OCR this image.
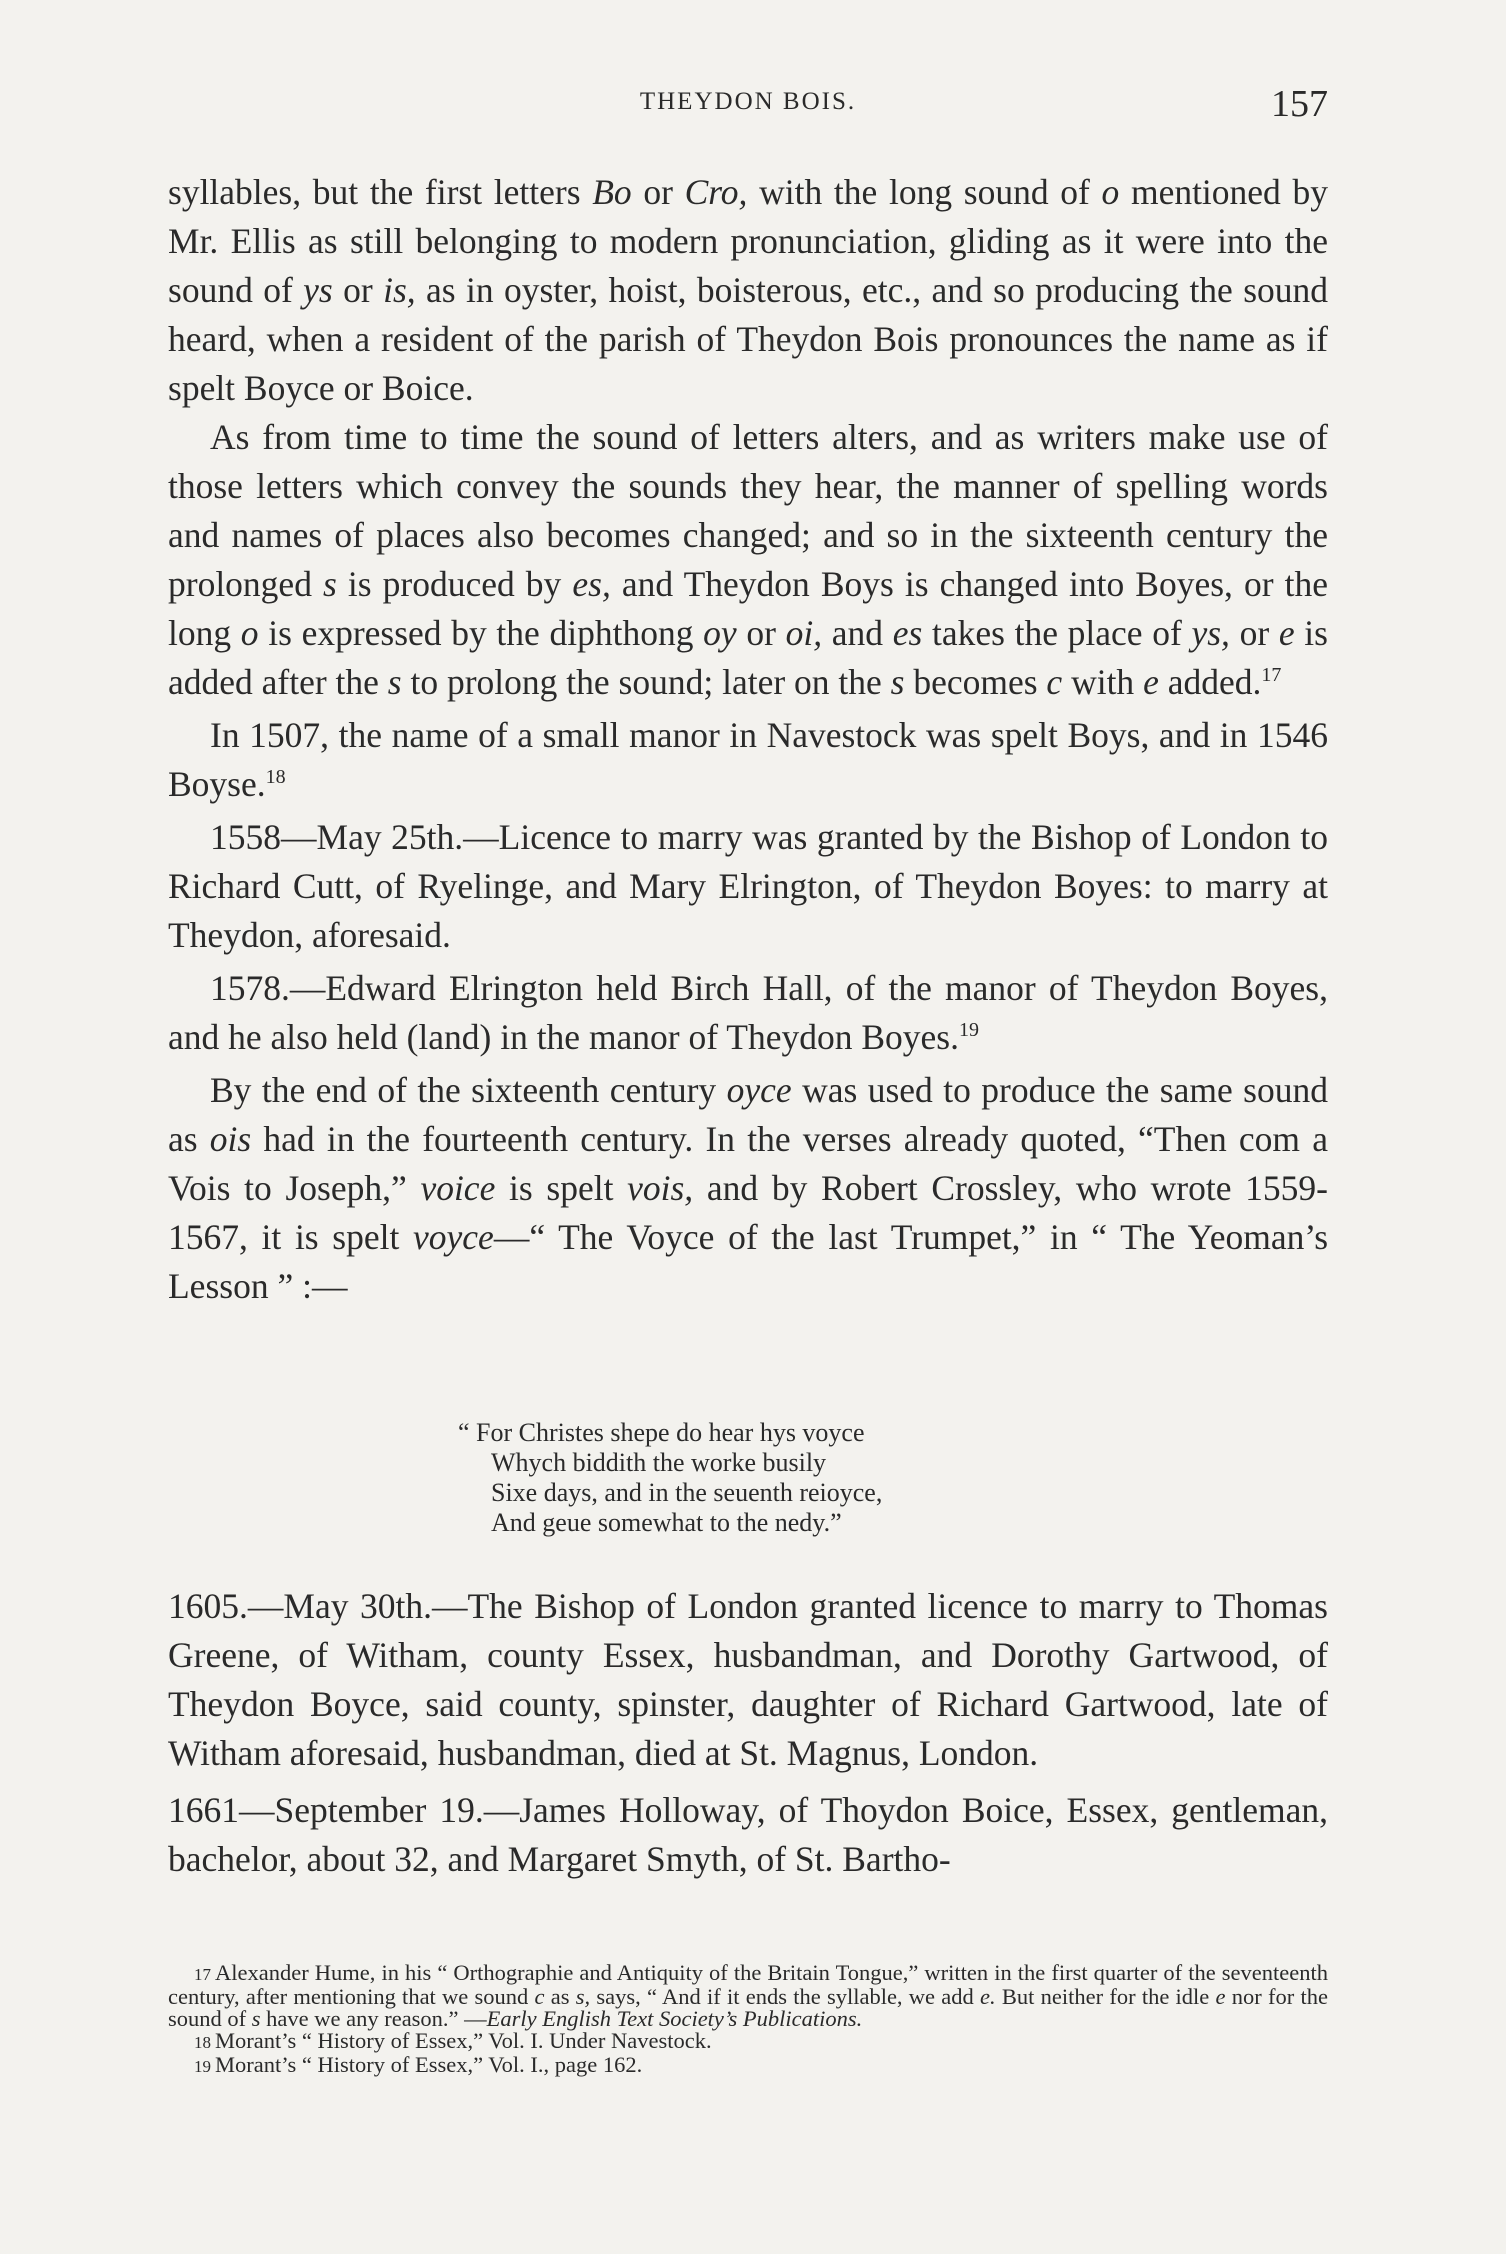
THEYDON BOIS.	157

syllables, but the first letters Bo or Cro, with the long sound of o mentioned by Mr. Ellis as still belonging to modern pronunciation, gliding as it were into the sound of ys or is, as in oyster, hoist, boisterous, etc., and so producing the sound heard, when a resident of the parish of Theydon Bois pronounces the name as if spelt Boyce or Boice.

As from time to time the sound of letters alters, and as writers make use of those letters which convey the sounds they hear, the manner of spelling words and names of places also becomes changed; and so in the sixteenth century the prolonged s is produced by es, and Theydon Boys is changed into Boyes, or the long o is expressed by the diphthong oy or oi, and es takes the place of ys, or e is added after the s to prolong the sound; later on the s becomes c with e added.$^{17}$

In 1507, the name of a small manor in Navestock was spelt Boys, and in 1546 Boyse.$^{18}$

1558—May 25th.—Licence to marry was granted by the Bishop of London to Richard Cutt, of Ryelinge, and Mary Elrington, of Theydon Boyes: to marry at Theydon, aforesaid.

1578.—Edward Elrington held Birch Hall, of the manor of Theydon Boyes, and he also held (land) in the manor of Theydon Boyes.$^{19}$

By the end of the sixteenth century oyce was used to produce the same sound as ois had in the fourteenth century. In the verses already quoted, “Then com a Vois to Joseph,” voice is spelt vois, and by Robert Crossley, who wrote 1559-1567, it is spelt voyce—“ The Voyce of the last Trumpet,” in “ The Yeoman’s Lesson ” :—

“ For Christes shepe do hear hys voyce
Whych biddith the worke busily
Sixe days, and in the seuenth reioyce,
And geue somewhat to the nedy.”

1605.—May 30th.—The Bishop of London granted licence to marry to Thomas Greene, of Witham, county Essex, husbandman, and Dorothy Gartwood, of Theydon Boyce, said county, spinster, daughter of Richard Gartwood, late of Witham aforesaid, husbandman, died at St. Magnus, London.

1661—September 19.—James Holloway, of Thoydon Boice, Essex, gentleman, bachelor, about 32, and Margaret Smyth, of St. Bartho-

17 Alexander Hume, in his “ Orthographie and Antiquity of the Britain Tongue,” written in the first quarter of the seventeenth century, after mentioning that we sound c as s, says, “ And if it ends the syllable, we add e. But neither for the idle e nor for the sound of s have we any reason.” —Early English Text Society’s Publications.

18 Morant’s “ History of Essex,” Vol. I. Under Navestock.

19 Morant’s “ History of Essex,” Vol. I., page 162.
